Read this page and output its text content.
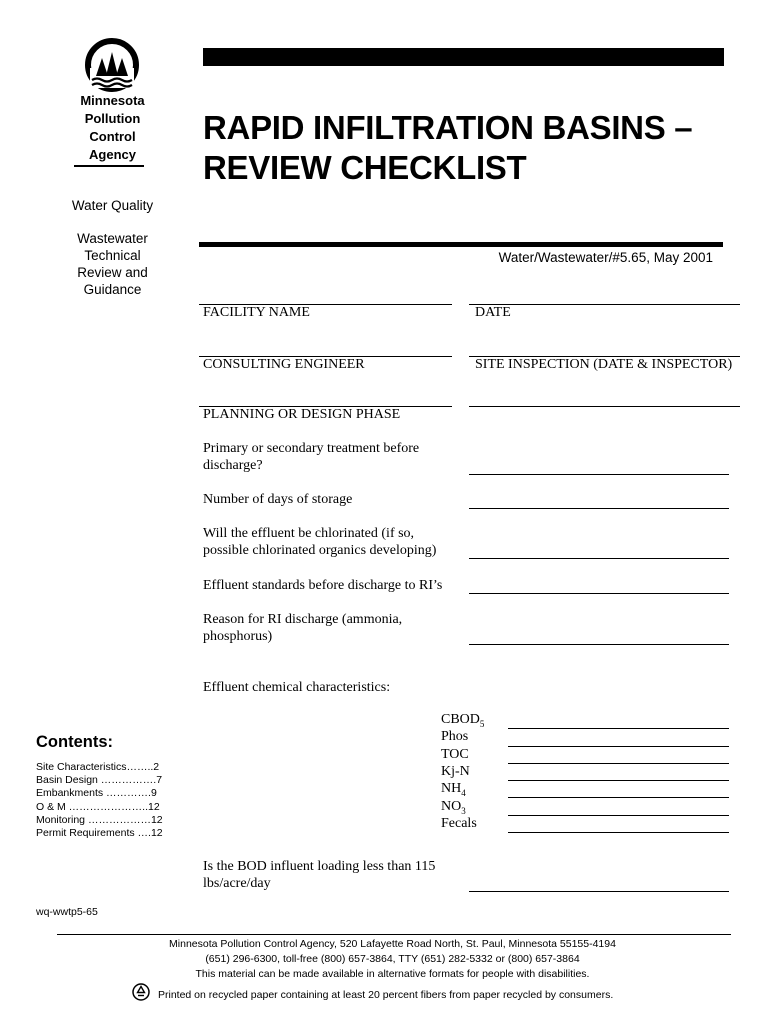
Minnesota
Pollution
Control
Agency
Water Quality
Wastewater
Technical
Review and
Guidance
Contents:
Site Characteristics……..2
Basin Design …………….7
Embankments ………….9
O & M …………………..12
Monitoring ………………12
Permit Requirements ….12
wq-wwtp5-65
RAPID INFILTRATION BASINS –
REVIEW CHECKLIST
Water/Wastewater/#5.65, May 2001
FACILITY NAME	DATE
CONSULTING ENGINEER	SITE INSPECTION (DATE & INSPECTOR)
PLANNING OR DESIGN PHASE
Primary or secondary treatment before
discharge?
Number of days of storage
Will the effluent be chlorinated (if so,
possible chlorinated organics developing)
Effluent standards before discharge to RI’s
Reason for RI discharge (ammonia,
phosphorus)
Effluent chemical characteristics:
$CBOD_5$
Phos
TOC
Kj-N
$NH_4$
$NO_3$
Fecals
Is the BOD influent loading less than 115
lbs/acre/day
Minnesota Pollution Control Agency, 520 Lafayette Road North, St. Paul, Minnesota 55155-4194
(651) 296-6300, toll-free (800) 657-3864, TTY (651) 282-5332 or (800) 657-3864
This material can be made available in alternative formats for people with disabilities.
Printed on recycled paper containing at least 20 percent fibers from paper recycled by consumers.
